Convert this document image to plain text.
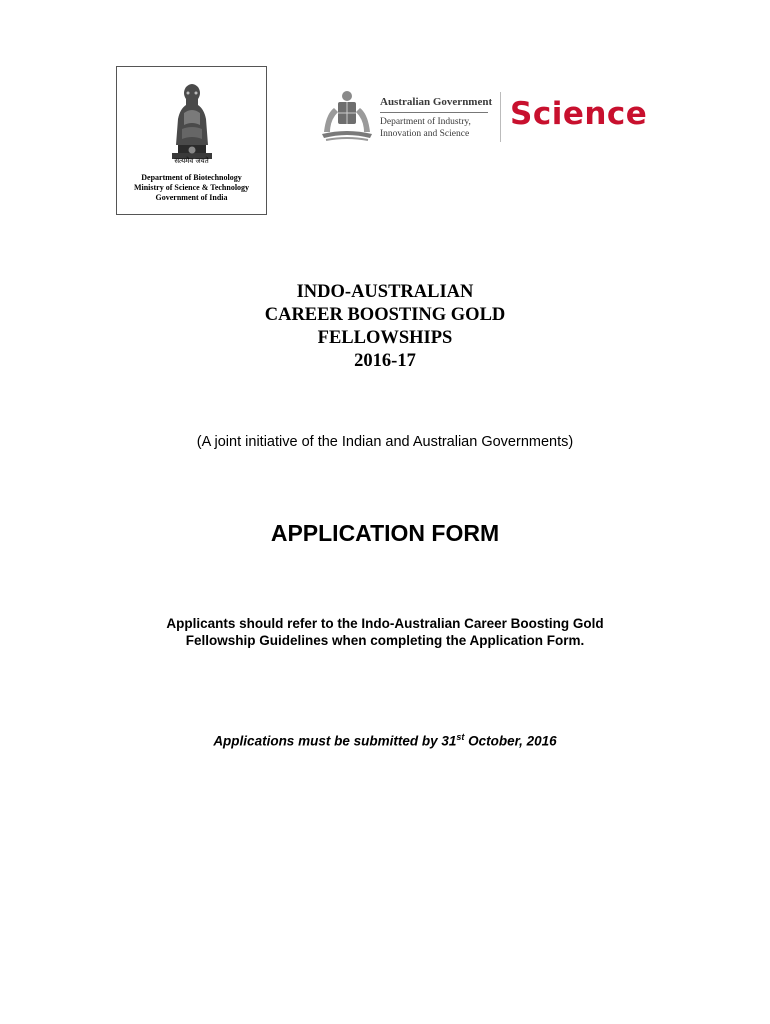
सत्यमेव जयते
Department of Biotechnology
Ministry of Science & Technology
Government of India
Australian Government
Department of Industry,
Innovation and Science
Science
INDO-AUSTRALIAN
CAREER BOOSTING GOLD
FELLOWSHIPS
2016-17
(A joint initiative of the Indian and Australian Governments)
APPLICATION FORM
Applicants should refer to the Indo-Australian Career Boosting Gold
Fellowship Guidelines when completing the Application Form.
Applications must be submitted by 31st October, 2016
